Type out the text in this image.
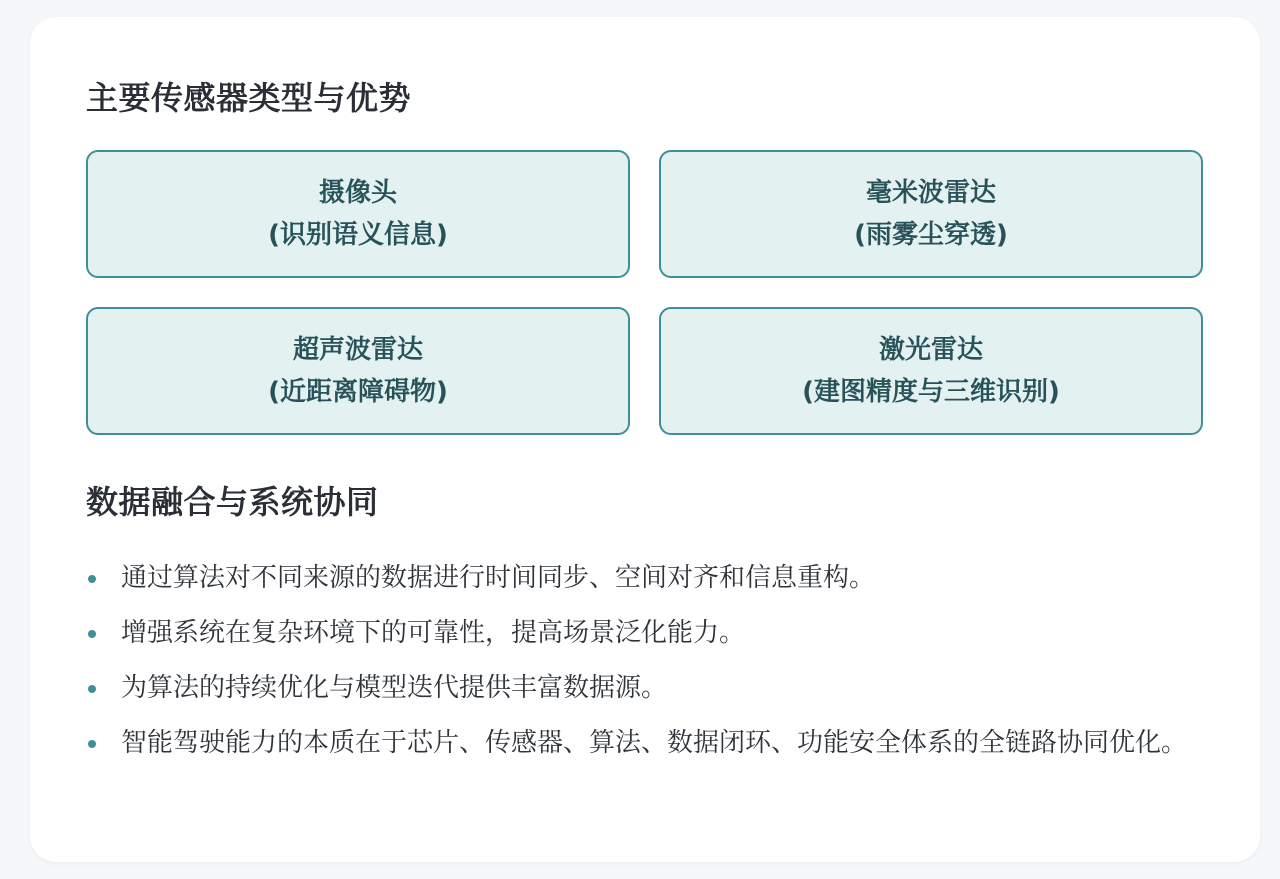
主要传感器类型与优势
摄像头
(识别语义信息)
毫米波雷达
(雨雾尘穿透)
超声波雷达
(近距离障碍物)
激光雷达
(建图精度与三维识别)
数据融合与系统协同
通过算法对不同来源的数据进行时间同步、空间对齐和信息重构。
增强系统在复杂环境下的可靠性，提高场景泛化能力。
为算法的持续优化与模型迭代提供丰富数据源。
智能驾驶能力的本质在于芯片、传感器、算法、数据闭环、功能安全体系的全链路协同优化。
